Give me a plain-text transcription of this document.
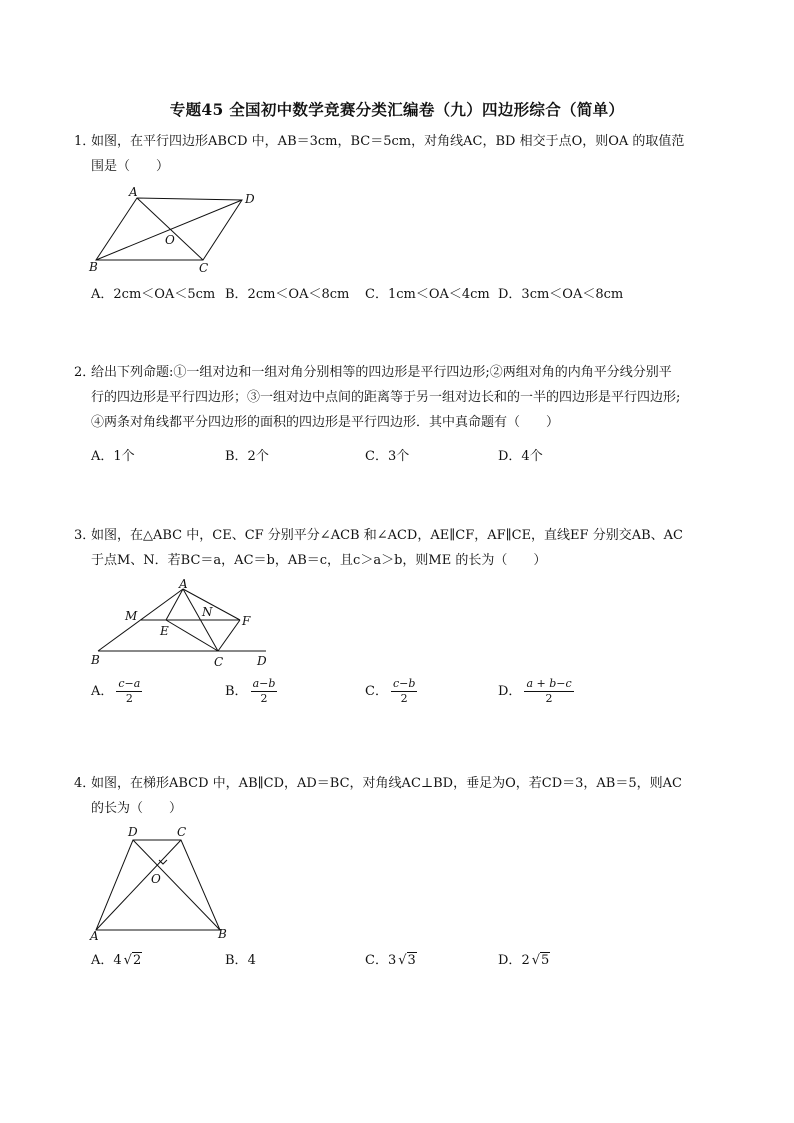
专题45 全国初中数学竞赛分类汇编卷（九）四边形综合（简单）
1．
如图，在平行四边形ABCD 中，AB＝3cm，BC＝5cm，对角线AC，BD 相交于点O，则OA 的取值范
围是（　　）
A	D
O
B	C
A．2cm＜OA＜5cm B．2cm＜OA＜8cm C．1cm＜OA＜4cm D．3cm＜OA＜8cm
2．
给出下列命题:①一组对边和一组对角分别相等的四边形是平行四边形;②两组对角的内角平分线分别平
行的四边形是平行四边形；③一组对边中点间的距离等于另一组对边长和的一半的四边形是平行四边形;
④两条对角线都平分四边形的面积的四边形是平行四边形．其中真命题有（　　）
A．1个	B．2个	C．3个	D．4个
3．
如图，在△ABC 中，CE、CF 分别平分∠ACB 和∠ACD，AE∥CF，AF∥CE，直线EF 分别交AB、AC
于点M、N．若BC＝a，AC＝b，AB＝c，且c＞a＞b，则ME 的长为（　　）
A
M	N
E
F
B	C	D
A． $\frac{c-a}{2}$	B． $\frac{a-b}{2}$	C． $\frac{c-b}{2}$	D． $\frac{a + b-c}{2}$
4．
如图，在梯形ABCD 中，AB∥CD，AD＝BC，对角线AC⊥BD，垂足为O，若CD＝3，AB＝5，则AC
的长为（　　）
D	C
O
A	B
A．4 √2	B．4	C．3 √3	D．2 √5
